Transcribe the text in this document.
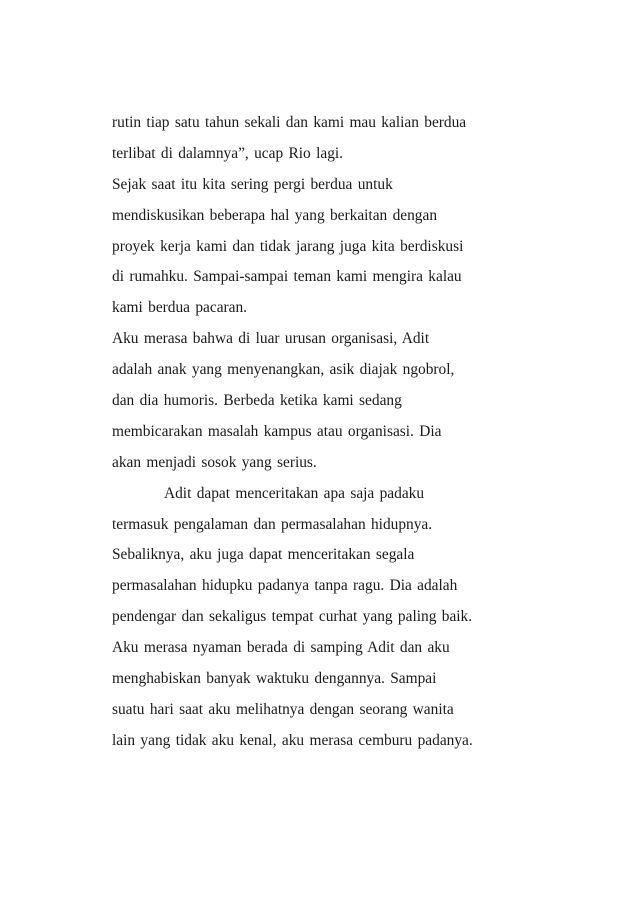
rutin tiap satu tahun sekali dan kami mau kalian berdua
terlibat di dalamnya”, ucap Rio lagi.
Sejak saat itu kita sering pergi berdua untuk
mendiskusikan beberapa hal yang berkaitan dengan
proyek kerja kami dan tidak jarang juga kita berdiskusi
di rumahku. Sampai-sampai teman kami mengira kalau
kami berdua pacaran.
Aku merasa bahwa di luar urusan organisasi, Adit
adalah anak yang menyenangkan, asik diajak ngobrol,
dan dia humoris. Berbeda ketika kami sedang
membicarakan masalah kampus atau organisasi. Dia
akan menjadi sosok yang serius.
Adit dapat menceritakan apa saja padaku
termasuk pengalaman dan permasalahan hidupnya.
Sebaliknya, aku juga dapat menceritakan segala
permasalahan hidupku padanya tanpa ragu. Dia adalah
pendengar dan sekaligus tempat curhat yang paling baik.
Aku merasa nyaman berada di samping Adit dan aku
menghabiskan banyak waktuku dengannya. Sampai
suatu hari saat aku melihatnya dengan seorang wanita
lain yang tidak aku kenal, aku merasa cemburu padanya.
